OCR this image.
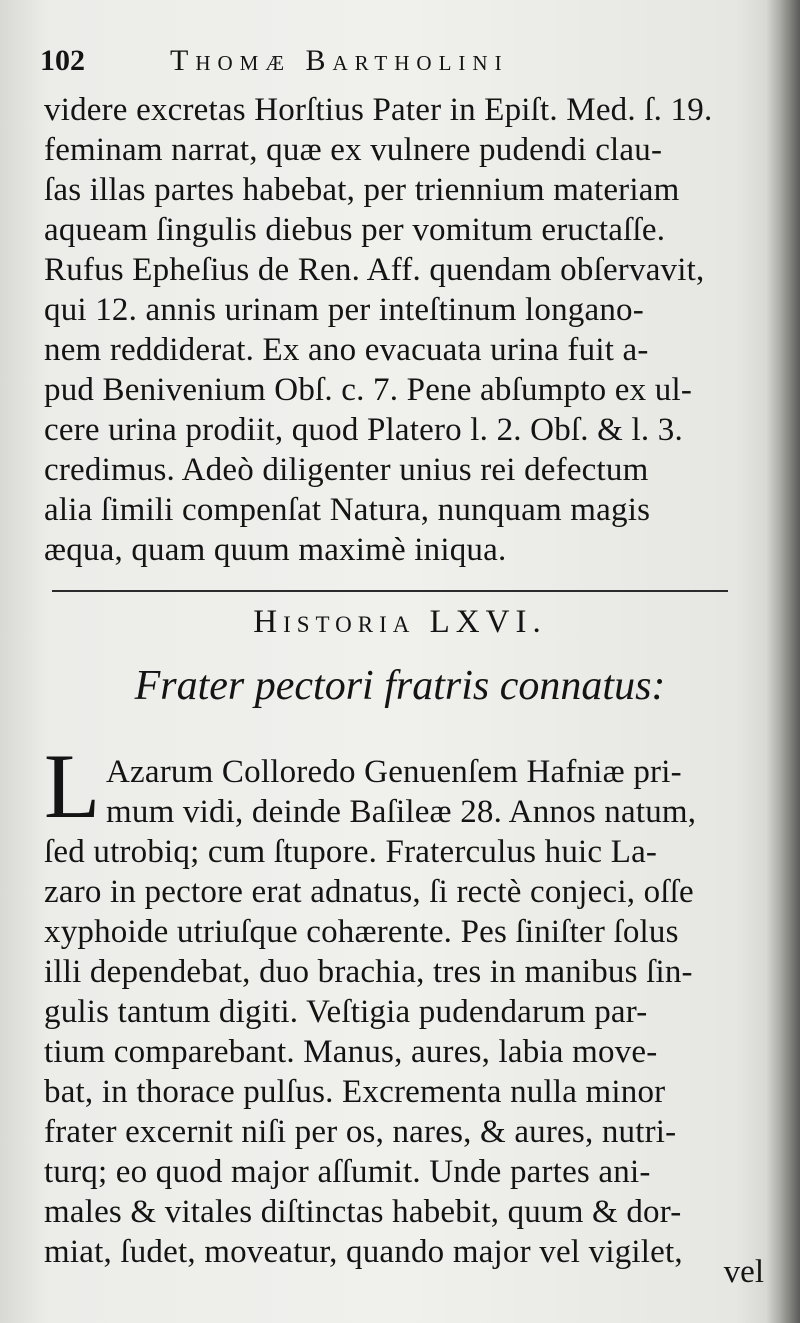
102	Thomæ Bartholini
videre excretas Horſtius Pater in Epiſt. Med. ſ. 19.
feminam narrat, quæ ex vulnere pudendi clau-
ſas illas partes habebat, per triennium materiam
aqueam ſingulis diebus per vomitum eructaſſe.
Rufus Epheſius de Ren. Aff. quendam obſervavit,
qui 12. annis urinam per inteſtinum longano-
nem reddiderat. Ex ano evacuata urina fuit a-
pud Benivenium Obſ. c. 7. Pene abſumpto ex ul-
cere urina prodiit, quod Platero l. 2. Obſ. & l. 3.
credimus. Adeò diligenter unius rei defectum
alia ſimili compenſat Natura, nunquam magis
æqua, quam quum maximè iniqua.
Historia LXVI.
Frater pectori fratris connatus:
L Azarum Colloredo Genuenſem Hafniæ pri-
mum vidi, deinde Baſileæ 28. Annos natum,
ſed utrobiq; cum ſtupore. Fraterculus huic La-
zaro in pectore erat adnatus, ſi rectè conjeci, oſſe
xyphoide utriuſque cohærente. Pes ſiniſter ſolus
illi dependebat, duo brachia, tres in manibus ſin-
gulis tantum digiti. Veſtigia pudendarum par-
tium comparebant. Manus, aures, labia move-
bat, in thorace pulſus. Excrementa nulla minor
frater excernit niſi per os, nares, & aures, nutri-
turq; eo quod major aſſumit. Unde partes ani-
males & vitales diſtinctas habebit, quum & dor-
miat, ſudet, moveatur, quando major vel vigilet,
vel
